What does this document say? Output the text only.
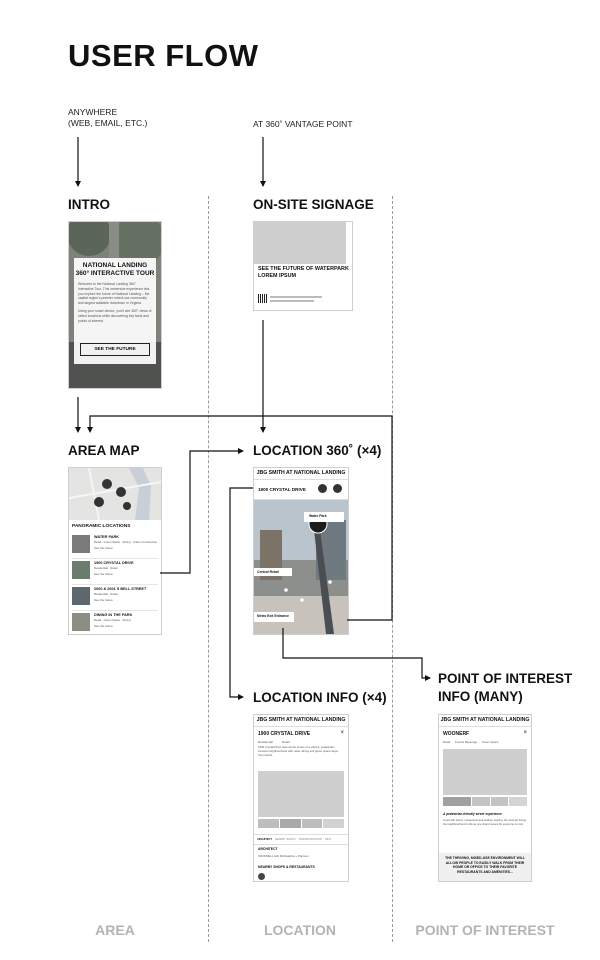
USER FLOW
ANYWHERE
(WEB, EMAIL, ETC.)	AT 360˚ VANTAGE POINT
INTRO	ON-SITE SIGNAGE
AREA MAP	LOCATION 360˚ (×4)
LOCATION INFO (×4)
POINT OF INTEREST
INFO (MANY)
AREA	LOCATION	POINT OF INTEREST
NATIONAL LANDING
360° INTERACTIVE TOUR
Welcome to the National Landing 360° Interactive Tour. This immersive experience lets you explore the future of National Landing – the capital region's premier mixed-use community and largest walkable downtown in Virginia.
Using your smart device, you'll see 360° views of select locations while discovering key facts and points of interest.
SEE THE FUTURE
SEE THE FUTURE OF WATERPARK
LOREM IPSUM
PANORAMIC LOCATIONS
WATER PARK
Retail · Green Space · Dining · Under Construction
See the future
1900 CRYSTAL DRIVE
Residential · Retail
See the future
2000 & 2001 S BELL STREET
Residential · Retail
See the future
DINING IN THE PARK
Retail · Green Space · Dining
See the future
JBG SMITH AT NATIONAL LANDING
1900 CRYSTAL DRIVE
Water Park
Central Retail
Metro Exit Entrance
JBG SMITH AT NATIONAL LANDING
1900 CRYSTAL DRIVE	×
Residential	Retail
1900 Crystal Drive rises as the centre of a vibrant, pedestrian-focused neighbourhood with retail, dining and green space steps from transit.
ARCHITECT NEARBY SHOPS TRANSPORTATION INFO
ARCHITECT
ODONNELL with Pathwayline + Partners
NEARBY SHOPS & RESTAURANTS
JBG SMITH AT NATIONAL LANDING
WOONERF	×
Retail Food & Beverage Green Space
A pedestrian-friendly street experience
Lined with shops, restaurants and outdoor seating, the woonerf brings the neighbourhood to life as one shared space for everyone on foot.
THE THRIVING, MIXED-USE ENVIRONMENT WILL ALLOW PEOPLE TO EASILY WALK FROM THEIR HOME OR OFFICE TO THEIR FAVORITE RESTAURANTS AND AMENITIES...
